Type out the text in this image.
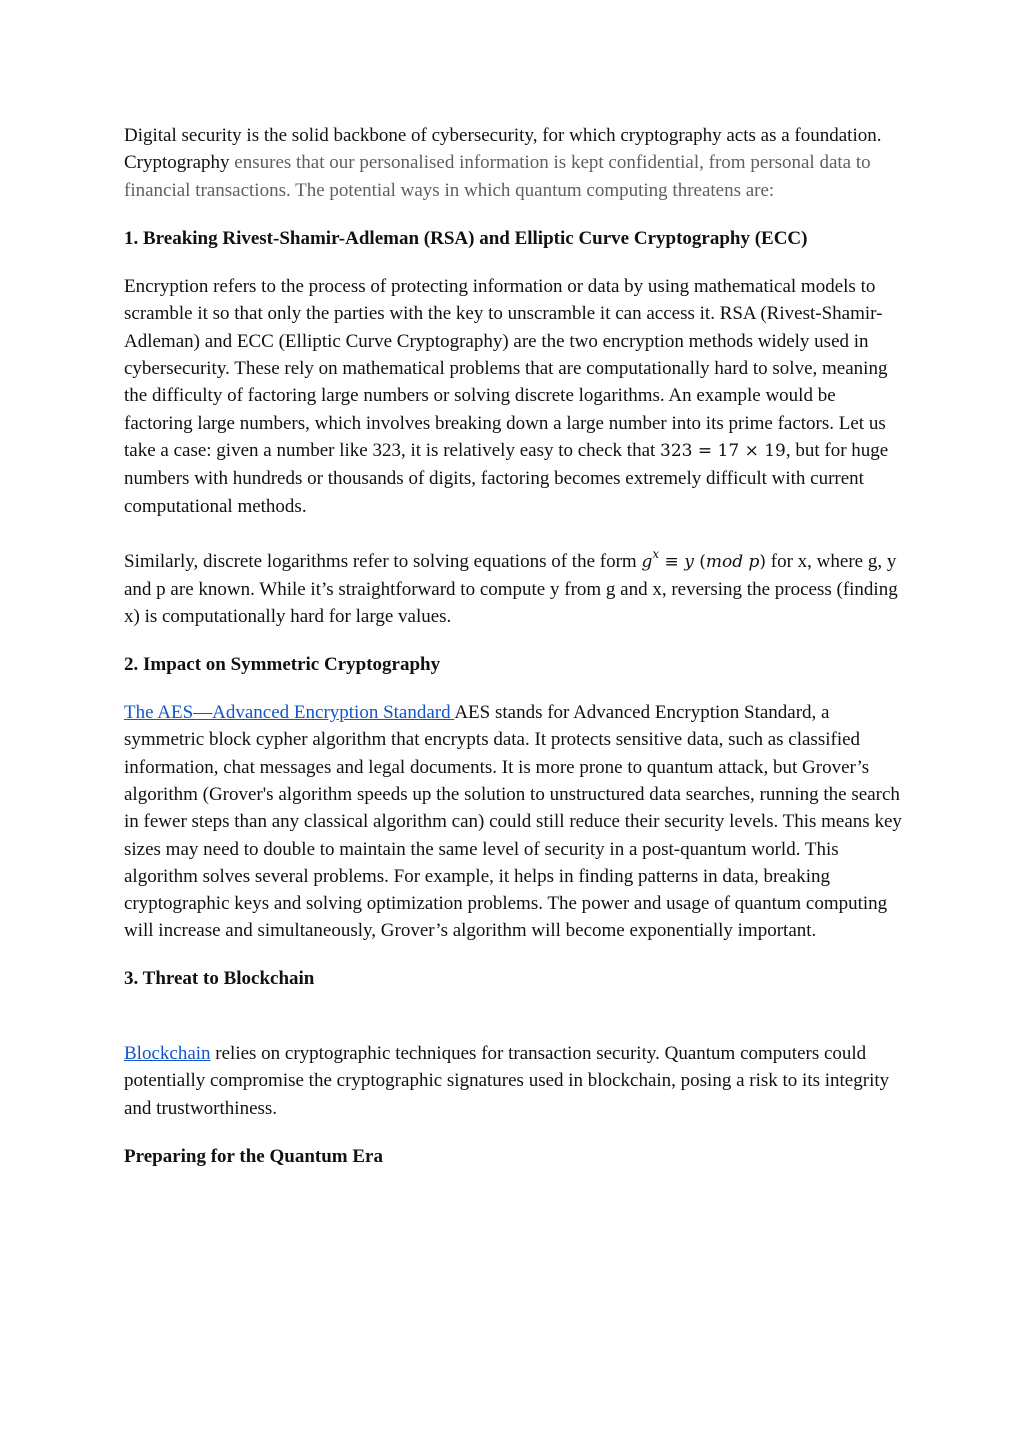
Digital security is the solid backbone of cybersecurity, for which cryptography acts as a foundation. Cryptography ensures that our personalised information is kept confidential, from personal data to financial transactions. The potential ways in which quantum computing threatens are:

1. Breaking Rivest-Shamir-Adleman (RSA) and Elliptic Curve Cryptography (ECC)

Encryption refers to the process of protecting information or data by using mathematical models to scramble it so that only the parties with the key to unscramble it can access it. RSA (Rivest-Shamir-Adleman) and ECC (Elliptic Curve Cryptography) are the two encryption methods widely used in cybersecurity. These rely on mathematical problems that are computationally hard to solve, meaning the difficulty of factoring large numbers or solving discrete logarithms. An example would be factoring large numbers, which involves breaking down a large number into its prime factors. Let us take a case: given a number like 323, it is relatively easy to check that 323 = 17 × 19, but for huge numbers with hundreds or thousands of digits, factoring becomes extremely difficult with current computational methods.

Similarly, discrete logarithms refer to solving equations of the form $g^x \equiv y$ (mod p) for x, where g, y and p are known. While it’s straightforward to compute y from g and x, reversing the process (finding x) is computationally hard for large values.

2. Impact on Symmetric Cryptography

The AES—Advanced Encryption Standard AES stands for Advanced Encryption Standard, a symmetric block cypher algorithm that encrypts data. It protects sensitive data, such as classified information, chat messages and legal documents. It is more prone to quantum attack, but Grover’s algorithm (Grover's algorithm speeds up the solution to unstructured data searches, running the search in fewer steps than any classical algorithm can) could still reduce their security levels. This means key sizes may need to double to maintain the same level of security in a post-quantum world. This algorithm solves several problems. For example, it helps in finding patterns in data, breaking cryptographic keys and solving optimization problems. The power and usage of quantum computing will increase and simultaneously, Grover’s algorithm will become exponentially important.

3. Threat to Blockchain

Blockchain relies on cryptographic techniques for transaction security. Quantum computers could potentially compromise the cryptographic signatures used in blockchain, posing a risk to its integrity and trustworthiness.

Preparing for the Quantum Era
